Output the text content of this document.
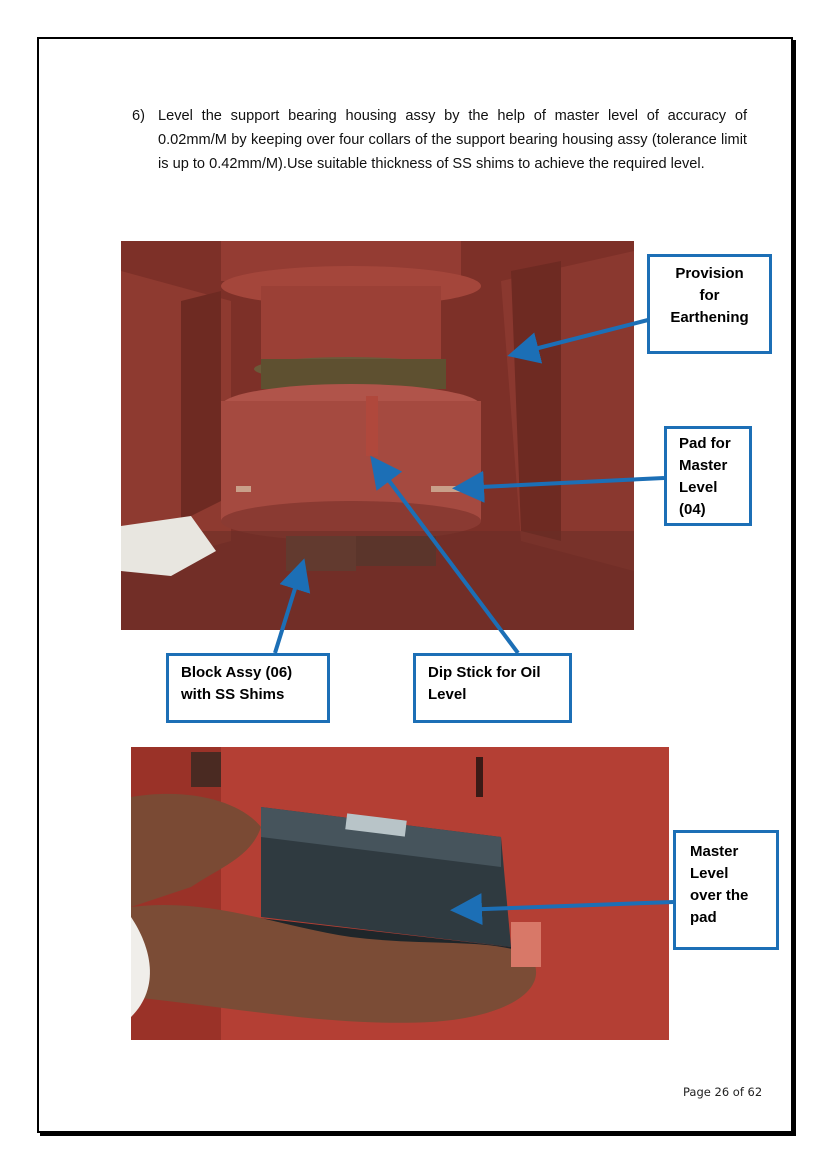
6) Level the support bearing housing assy by the help of master level of accuracy of 0.02mm/M by keeping over four collars of the support bearing housing assy (tolerance limit is up to 0.42mm/M).Use suitable thickness of SS shims to achieve the required level.
Provision
for
Earthening
Pad for
Master
Level
(04)
Block Assy (06)
with SS Shims
Dip Stick for Oil
Level
Master
Level
over the
pad
Page 26 of 62
